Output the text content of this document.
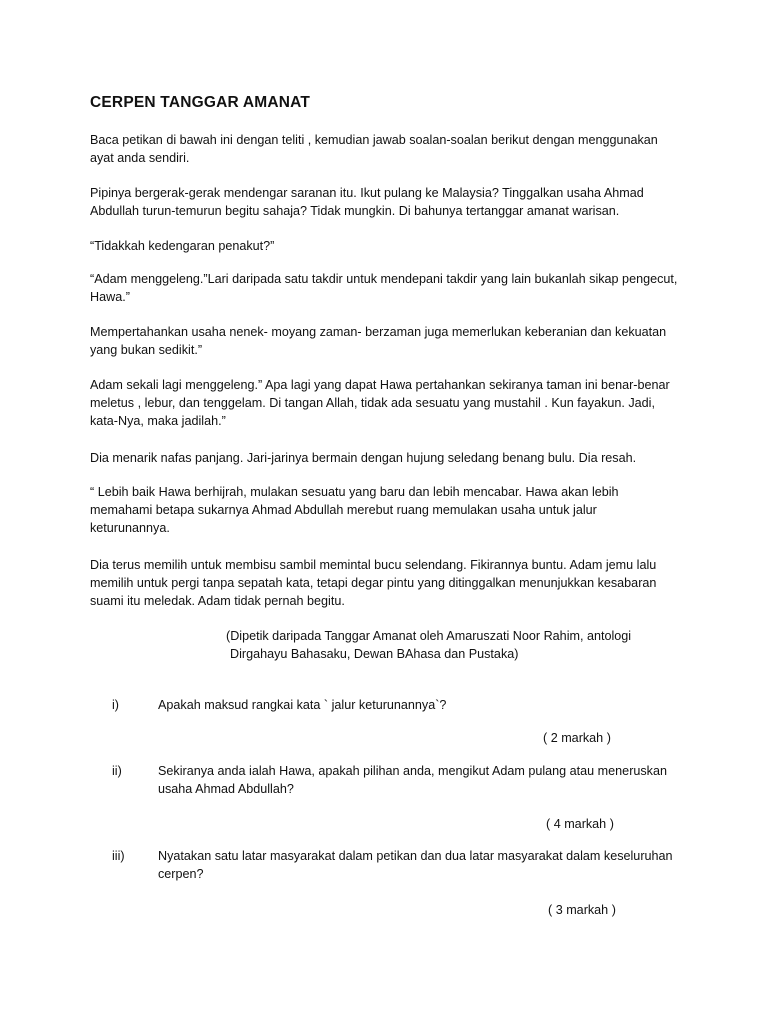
CERPEN TANGGAR AMANAT
Baca petikan di bawah ini dengan teliti , kemudian jawab soalan-soalan berikut dengan menggunakan ayat anda sendiri.
Pipinya bergerak-gerak mendengar saranan itu. Ikut pulang ke Malaysia? Tinggalkan usaha Ahmad Abdullah turun-temurun begitu sahaja? Tidak mungkin. Di bahunya tertanggar amanat warisan.
“Tidakkah kedengaran penakut?”
“Adam menggeleng.”Lari daripada satu takdir untuk mendepani takdir yang lain bukanlah sikap pengecut, Hawa.”
Mempertahankan usaha nenek- moyang zaman- berzaman juga memerlukan keberanian dan kekuatan yang bukan sedikit.”
Adam sekali lagi menggeleng.” Apa lagi yang dapat Hawa pertahankan sekiranya taman ini benar-benar meletus , lebur, dan tenggelam. Di tangan Allah, tidak ada sesuatu yang mustahil . Kun fayakun. Jadi, kata-Nya, maka jadilah.”
Dia menarik nafas panjang. Jari-jarinya bermain dengan hujung seledang benang bulu. Dia resah.
“ Lebih baik Hawa berhijrah, mulakan sesuatu yang baru dan lebih mencabar. Hawa akan lebih memahami betapa sukarnya Ahmad Abdullah merebut ruang memulakan usaha untuk jalur keturunannya.
Dia terus memilih untuk membisu sambil memintal bucu selendang. Fikirannya buntu. Adam jemu lalu memilih untuk pergi tanpa sepatah kata, tetapi degar pintu yang ditinggalkan menunjukkan kesabaran suami itu meledak. Adam tidak pernah begitu.
(Dipetik daripada Tanggar Amanat oleh Amaruszati Noor Rahim, antologi
Dirgahayu Bahasaku, Dewan BAhasa dan Pustaka)
i)	Apakah maksud rangkai kata ` jalur keturunannya`?
( 2 markah )
ii)	Sekiranya anda ialah Hawa, apakah pilihan anda, mengikut Adam pulang atau meneruskan usaha Ahmad Abdullah?
( 4 markah )
iii)	Nyatakan satu latar masyarakat dalam petikan dan dua latar masyarakat dalam keseluruhan cerpen?
( 3 markah )
